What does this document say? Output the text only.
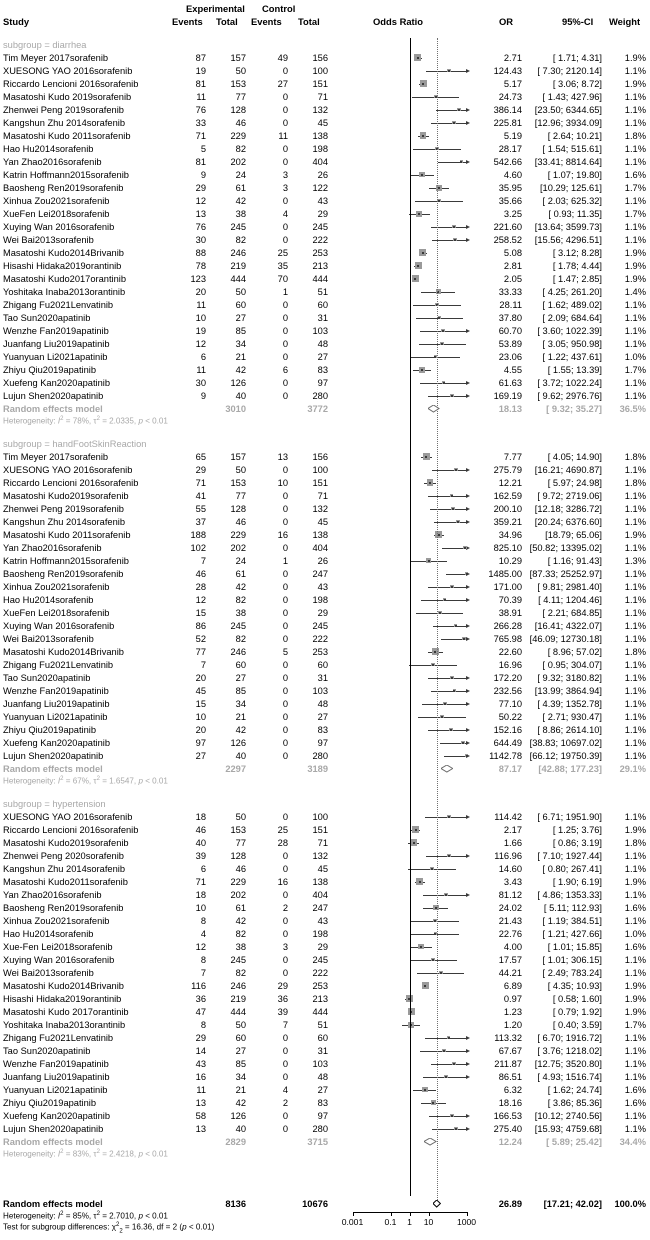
Experimental Control
Study	Events Total Events Total	Odds Ratio	OR	95%-CI Weight
subgroup = diarrhea
Tim Meyer 2017sorafenib	87	157	49	156	2.71	[ 1.71; 4.31]	1.9%
XUESONG YAO 2016sorafenib	19	50	0	100	124.43	[ 7.30; 2120.14]	1.1%
Riccardo Lencioni 2016sorafenib	81	153	27	151	5.17	[ 3.06; 8.72]	1.9%
Masatoshi Kudo 2019sorafenib	11	77	0	71	24.73	[ 1.43; 427.96]	1.1%
Zhenwei Peng 2019sorafenib	76	128	0	132	386.14	[23.50; 6344.65]	1.1%
Kangshun Zhu 2014sorafenib	33	46	0	45	225.81	[12.96; 3934.09]	1.1%
Masatoshi Kudo 2011sorafenib	71	229	11	138	5.19	[ 2.64; 10.21]	1.8%
Hao Hu2014sorafenib	5	82	0	198	28.17	[ 1.54; 515.61]	1.1%
Yan Zhao2016sorafenib	81	202	0	404	542.66	[33.41; 8814.64]	1.1%
Katrin Hoffmann2015sorafenib	9	24	3	26	4.60	[ 1.07; 19.80]	1.6%
Baosheng Ren2019sorafenib	29	61	3	122	35.95	[10.29; 125.61]	1.7%
Xinhua Zou2021sorafenib	12	42	0	43	35.66	[ 2.03; 625.32]	1.1%
XueFen Lei2018sorafenib	13	38	4	29	3.25	[ 0.93; 11.35]	1.7%
Xuying Wan 2016sorafenib	76	245	0	245	221.60	[13.64; 3599.73]	1.1%
Wei Bai2013sorafenib	30	82	0	222	258.52	[15.56; 4296.51]	1.1%
Masatoshi Kudo2014Brivanib	88	246	25	253	5.08	[ 3.12; 8.28]	1.9%
Hisashi Hidaka2019orantinib	78	219	35	213	2.81	[ 1.78; 4.44]	1.9%
Masatoshi Kudo2017orantinib	123	444	70	444	2.05	[ 1.47; 2.85]	1.9%
Yoshitaka Inaba2013orantinib	20	50	1	51	33.33	[ 4.25; 261.20]	1.4%
Zhigang Fu2021Lenvatinib	11	60	0	60	28.11	[ 1.62; 489.02]	1.1%
Tao Sun2020apatinib	10	27	0	31	37.80	[ 2.09; 684.64]	1.1%
Wenzhe Fan2019apatinib	19	85	0	103	60.70	[ 3.60; 1022.39]	1.1%
Juanfang Liu2019apatinib	12	34	0	48	53.89	[ 3.05; 950.98]	1.1%
Yuanyuan Li2021apatinib	6	21	0	27	23.06	[ 1.22; 437.61]	1.0%
Zhiyu Qiu2019apatinib	11	42	6	83	4.55	[ 1.55; 13.39]	1.7%
Xuefeng Kan2020apatinib	30	126	0	97	61.63	[ 3.72; 1022.24]	1.1%
Lujun Shen2020apatinib	9	40	0	280	169.19	[ 9.62; 2976.76]	1.1%
Random effects model	3010	3772	18.13	[ 9.32; 35.27]	36.5%
Heterogeneity: $I^2 = 78\%$, $\tau^2 = 2.0335$, p < 0.01
subgroup = handFootSkinReaction
Tim Meyer 2017sorafenib	65	157	13	156	7.77	[ 4.05; 14.90]	1.8%
XUESONG YAO 2016sorafenib	29	50	0	100	275.79	[16.21; 4690.87]	1.1%
Riccardo Lencioni 2016sorafenib	71	153	10	151	12.21	[ 5.97; 24.98]	1.8%
Masatoshi Kudo2019sorafenib	41	77	0	71	162.59	[ 9.72; 2719.06]	1.1%
Zhenwei Peng 2019sorafenib	55	128	0	132	200.10	[12.18; 3286.72]	1.1%
Kangshun Zhu 2014sorafenib	37	46	0	45	359.21	[20.24; 6376.60]	1.1%
Masatoshi Kudo 2011sorafenib	188	229	16	138	34.96	[18.79; 65.06]	1.9%
Yan Zhao2016sorafenib	102	202	0	404	825.10 [50.82; 13395.02]	1.1%
Katrin Hoffmann2015sorafenib	7	24	1	26	10.29	[ 1.16; 91.43]	1.3%
Baosheng Ren2019sorafenib	46	61	0	247	1485.00 [87.33; 25252.97]	1.1%
Xinhua Zou2021sorafenib	28	42	0	43	171.00	[ 9.81; 2981.40]	1.1%
Hao Hu2014sorafenib	12	82	0	198	70.39	[ 4.11; 1204.46]	1.1%
XueFen Lei2018sorafenib	15	38	0	29	38.91	[ 2.21; 684.85]	1.1%
Xuying Wan 2016sorafenib	86	245	0	245	266.28	[16.41; 4322.07]	1.1%
Wei Bai2013sorafenib	52	82	0	222	765.98 [46.09; 12730.18]	1.1%
Masatoshi Kudo2014Brivanib	77	246	5	253	22.60	[ 8.96; 57.02]	1.8%
Zhigang Fu2021Lenvatinib	7	60	0	60	16.96	[ 0.95; 304.07]	1.1%
Tao Sun2020apatinib	20	27	0	31	172.20	[ 9.32; 3180.82]	1.1%
Wenzhe Fan2019apatinib	45	85	0	103	232.56	[13.99; 3864.94]	1.1%
Juanfang Liu2019apatinib	15	34	0	48	77.10	[ 4.39; 1352.78]	1.1%
Yuanyuan Li2021apatinib	10	21	0	27	50.22	[ 2.71; 930.47]	1.1%
Zhiyu Qiu2019apatinib	20	42	0	83	152.16	[ 8.86; 2614.10]	1.1%
Xuefeng Kan2020apatinib	97	126	0	97	644.49 [38.83; 10697.02]	1.1%
Lujun Shen2020apatinib	27	40	0	280	1142.78 [66.12; 19750.39]	1.1%
Random effects model	2297	3189	87.17	[42.88; 177.23]	29.1%
Heterogeneity: $I^2 = 67\%$, $\tau^2 = 1.6547$, p < 0.01
subgroup = hypertension
XUESONG YAO 2016sorafenib	18	50	0	100	114.42	[ 6.71; 1951.90]	1.1%
Riccardo Lencioni 2016sorafenib	46	153	25	151	2.17	[ 1.25; 3.76]	1.9%
Masatoshi Kudo2019sorafenib	40	77	28	71	1.66	[ 0.86; 3.19]	1.8%
Zhenwei Peng 2020sorafenib	39	128	0	132	116.96	[ 7.10; 1927.44]	1.1%
Kangshun Zhu 2014sorafenib	6	46	0	45	14.60	[ 0.80; 267.41]	1.1%
Masatoshi Kudo2011sorafenib	71	229	16	138	3.43	[ 1.90; 6.19]	1.9%
Yan Zhao2016sorafenib	18	202	0	404	81.12	[ 4.86; 1353.33]	1.1%
Baosheng Ren2019sorafenib	10	61	2	247	24.02	[ 5.11; 112.93]	1.6%
Xinhua Zou2021sorafenib	8	42	0	43	21.43	[ 1.19; 384.51]	1.1%
Hao Hu2014sorafenib	4	82	0	198	22.76	[ 1.21; 427.66]	1.0%
Xue-Fen Lei2018sorafenib	12	38	3	29	4.00	[ 1.01; 15.85]	1.6%
Xuying Wan 2016sorafenib	8	245	0	245	17.57	[ 1.01; 306.15]	1.1%
Wei Bai2013sorafenib	7	82	0	222	44.21	[ 2.49; 783.24]	1.1%
Masatoshi Kudo2014Brivanib	116	246	29	253	6.89	[ 4.35; 10.93]	1.9%
Hisashi Hidaka2019orantinib	36	219	36	213	0.97	[ 0.58; 1.60]	1.9%
Masatoshi Kudo 2017orantinib	47	444	39	444	1.23	[ 0.79; 1.92]	1.9%
Yoshitaka Inaba2013orantinib	8	50	7	51	1.20	[ 0.40; 3.59]	1.7%
Zhigang Fu2021Lenvatinib	29	60	0	60	113.32	[ 6.70; 1916.72]	1.1%
Tao Sun2020apatinib	14	27	0	31	67.67	[ 3.76; 1218.02]	1.1%
Wenzhe Fan2019apatinib	43	85	0	103	211.87	[12.75; 3520.80]	1.1%
Juanfang Liu2019apatinib	16	34	0	48	86.51	[ 4.93; 1516.74]	1.1%
Yuanyuan Li2021apatinib	11	21	4	27	6.32	[ 1.62; 24.74]	1.6%
Zhiyu Qiu2019apatinib	13	42	2	83	18.16	[ 3.86; 85.36]	1.6%
Xuefeng Kan2020apatinib	58	126	0	97	166.53	[10.12; 2740.56]	1.1%
Lujun Shen2020apatinib	13	40	0	280	275.40	[15.93; 4759.68]	1.1%
Random effects model	2829	3715	12.24	[ 5.89; 25.42]	34.4%
Heterogeneity: $I^2 = 83\%$, $\tau^2 = 2.4218$, p < 0.01
Random effects model	8136	10676	26.89	[17.21; 42.02]	100.0%
Heterogeneity: $I^2 = 85\%$, $\tau^2 = 2.7010$, p < 0.01
Test for subgroup differences: $\chi^2_2 = 16.36$, df = 2 (p < 0.01)
0.001	0.1	1	10	1000
